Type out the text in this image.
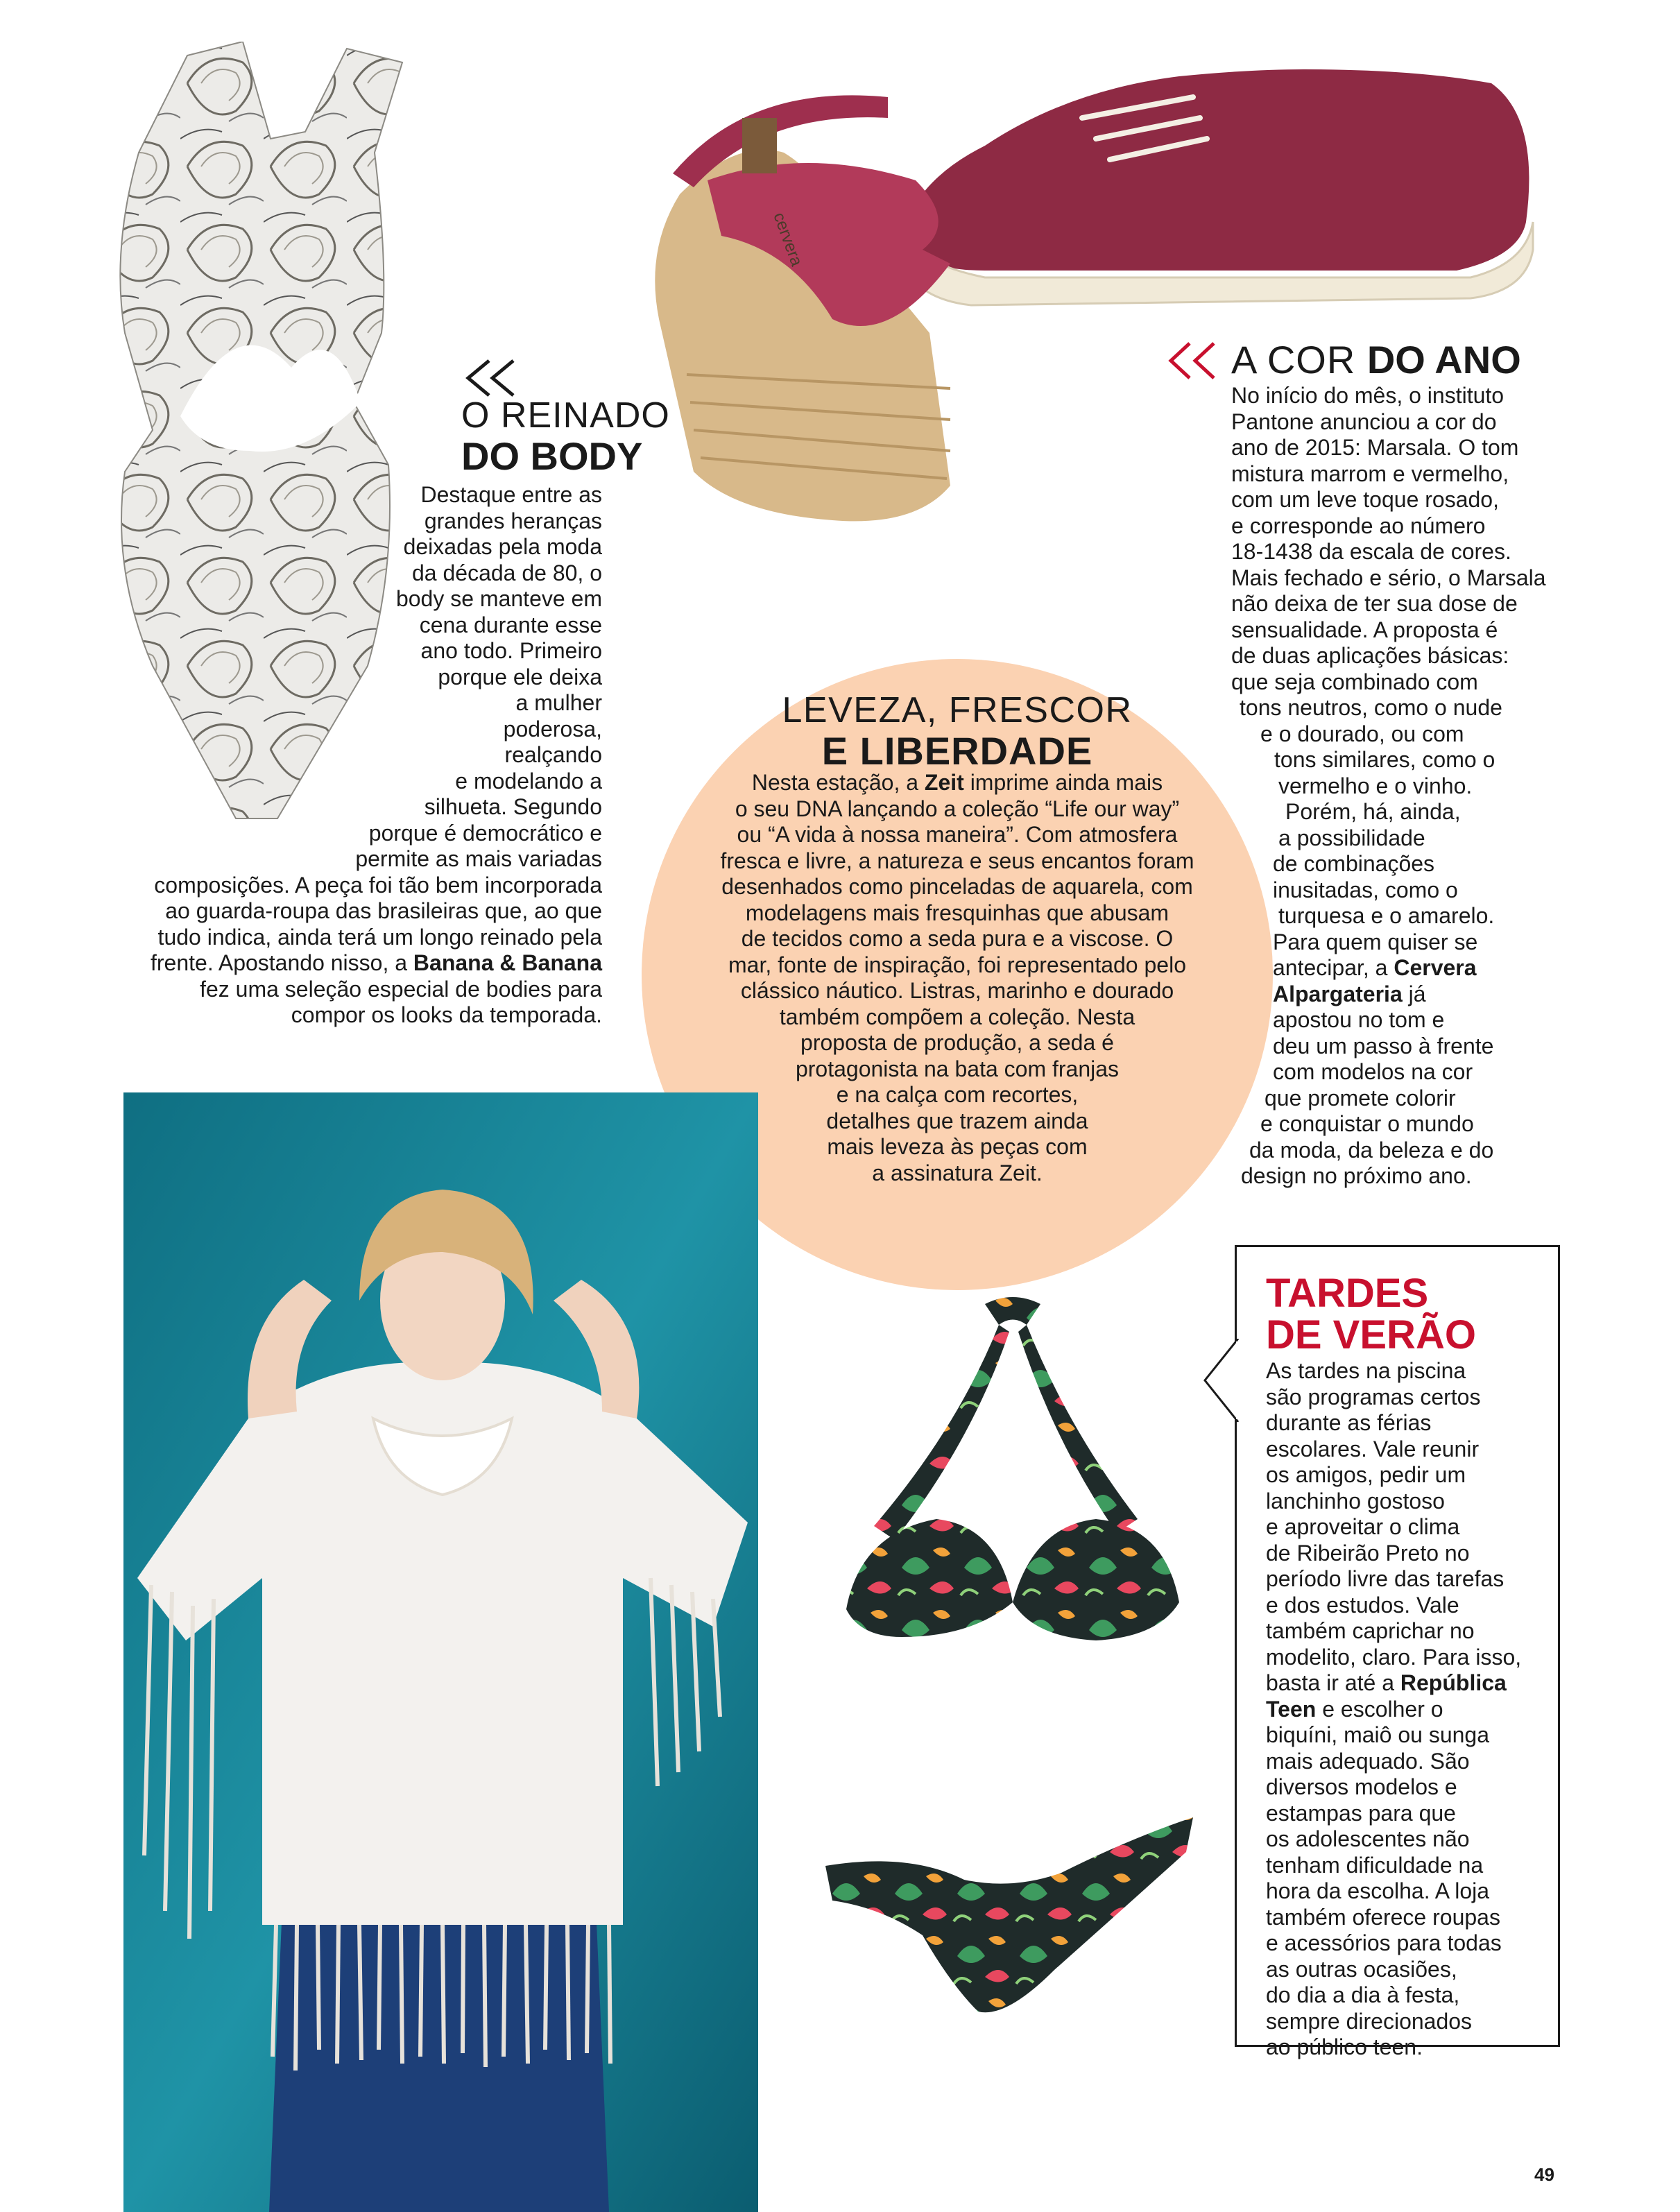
cervera
O REINADO
DO BODY
Destaque entre as
grandes heranças
deixadas pela moda
da década de 80, o
body se manteve em
cena durante esse
ano todo. Primeiro
porque ele deixa
a mulher
poderosa,
realçando
e modelando a
silhueta. Segundo
porque é democrático e
permite as mais variadas
composições. A peça foi tão bem incorporada
ao guarda-roupa das brasileiras que, ao que
tudo indica, ainda terá um longo reinado pela
frente. Apostando nisso, a Banana & Banana
fez uma seleção especial de bodies para
compor os looks da temporada.
A COR DO ANO
No início do mês, o instituto
Pantone anunciou a cor do
ano de 2015: Marsala. O tom
mistura marrom e vermelho,
com um leve toque rosado,
e corresponde ao número
18-1438 da escala de cores.
Mais fechado e sério, o Marsala
não deixa de ter sua dose de
sensualidade. A proposta é
de duas aplicações básicas:
que seja combinado com
tons neutros, como o nude
e o dourado, ou com
tons similares, como o
vermelho e o vinho.
Porém, há, ainda,
a possibilidade
de combinações
inusitadas, como o
turquesa e o amarelo.
Para quem quiser se
antecipar, a Cervera
Alpargateria já
apostou no tom e
deu um passo à frente
com modelos na cor
que promete colorir
e conquistar o mundo
da moda, da beleza e do
design no próximo ano.
LEVEZA, FRESCOR
E LIBERDADE
Nesta estação, a Zeit imprime ainda mais
o seu DNA lançando a coleção “Life our way”
ou “A vida à nossa maneira”. Com atmosfera
fresca e livre, a natureza e seus encantos foram
desenhados como pinceladas de aquarela, com
modelagens mais fresquinhas que abusam
de tecidos como a seda pura e a viscose. O
mar, fonte de inspiração, foi representado pelo
clássico náutico. Listras, marinho e dourado
também compõem a coleção. Nesta
proposta de produção, a seda é
protagonista na bata com franjas
e na calça com recortes,
detalhes que trazem ainda
mais leveza às peças com
a assinatura Zeit.
TARDES
DE VERÃO
As tardes na piscina
são programas certos
durante as férias
escolares. Vale reunir
os amigos, pedir um
lanchinho gostoso
e aproveitar o clima
de Ribeirão Preto no
período livre das tarefas
e dos estudos. Vale
também caprichar no
modelito, claro. Para isso,
basta ir até a República
Teen e escolher o
biquíni, maiô ou sunga
mais adequado. São
diversos modelos e
estampas para que
os adolescentes não
tenham dificuldade na
hora da escolha. A loja
também oferece roupas
e acessórios para todas
as outras ocasiões,
do dia a dia à festa,
sempre direcionados
ao público teen.
49
